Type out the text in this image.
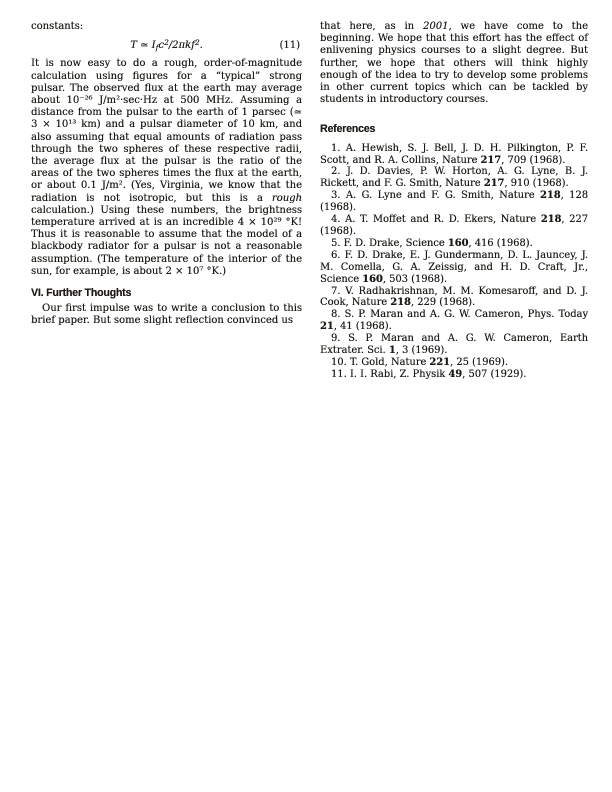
constants:

T ≃ $I_fc^2/2\pi kf^2$.	(11)

It is now easy to do a rough, order-of-magnitude calculation using figures for a “typical” strong pulsar. The observed flux at the earth may average about 10⁻²⁶ J/m²·sec·Hz at 500 MHz. Assuming a distance from the pulsar to the earth of 1 parsec (≃ 3 × 10¹³ km) and a pulsar diameter of 10 km, and also assuming that equal amounts of radiation pass through the two spheres of these respective radii, the average flux at the pulsar is the ratio of the areas of the two spheres times the flux at the earth, or about 0.1 J/m². (Yes, Virginia, we know that the radiation is not isotropic, but this is a rough calculation.) Using these numbers, the brightness temperature arrived at is an incredible 4 × 10²⁹ °K! Thus it is reasonable to assume that the model of a blackbody radiator for a pulsar is not a reasonable assumption. (The temperature of the interior of the sun, for example, is about 2 × 10⁷ °K.)

VI. Further Thoughts

Our first impulse was to write a conclusion to this brief paper. But some slight reflection convinced us

that here, as in 2001, we have come to the beginning. We hope that this effort has the effect of enlivening physics courses to a slight degree. But further, we hope that others will think highly enough of the idea to try to develop some problems in other current topics which can be tackled by students in introductory courses.

References

1. A. Hewish, S. J. Bell, J. D. H. Pilkington, P. F. Scott, and R. A. Collins, Nature 217, 709 (1968).

2. J. D. Davies, P. W. Horton, A. G. Lyne, B. J. Rickett, and F. G. Smith, Nature 217, 910 (1968).

3. A. G. Lyne and F. G. Smith, Nature 218, 128 (1968).

4. A. T. Moffet and R. D. Ekers, Nature 218, 227 (1968).

5. F. D. Drake, Science 160, 416 (1968).

6. F. D. Drake, E. J. Gundermann, D. L. Jauncey, J. M. Comella, G. A. Zeissig, and H. D. Craft, Jr., Science 160, 503 (1968).

7. V. Radhakrishnan, M. M. Komesaroff, and D. J. Cook, Nature 218, 229 (1968).

8. S. P. Maran and A. G. W. Cameron, Phys. Today 21, 41 (1968).

9. S. P. Maran and A. G. W. Cameron, Earth Extrater. Sci. 1, 3 (1969).

10. T. Gold, Nature 221, 25 (1969).

11. I. I. Rabi, Z. Physik 49, 507 (1929).
